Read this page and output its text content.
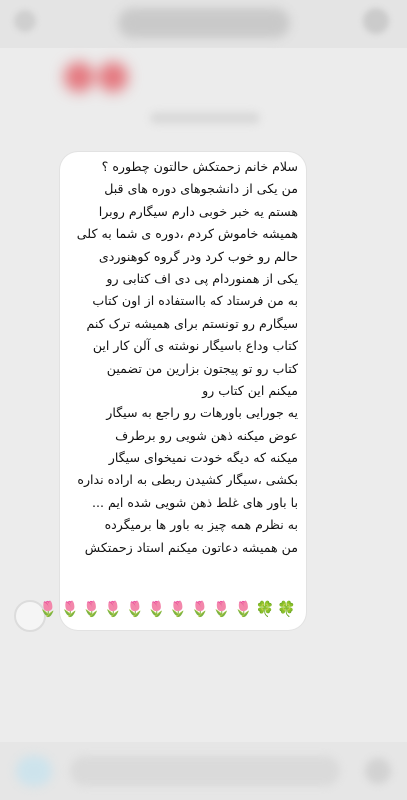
سلام خانم زحمتکش حالتون چطوره ؟
من یکی از دانشجوهای دوره های قبل
هستم یه خبر خوبی دارم سیگارم روبرا
همیشه خاموش کردم ،دوره ی شما به کلی
حالم رو خوب کرد ودر گروه کوهنوردی
یکی از همنوردام پی دی اف کتابی رو
به من فرستاد که بااستفاده از اون کتاب
سیگارم رو تونستم برای همیشه ترک کنم
کتاب وداع باسیگار نوشته ی آلن کار این
کتاب رو تو پیجتون بزارین من تضمین
میکنم این کتاب رو
یه جورایی باورهات رو راجع به سیگار
عوض میکنه ذهن شویی رو برطرف
میکنه که دیگه خودت نمیخوای سیگار
بکشی ،سیگار کشیدن ربطی به اراده نداره
با باور های غلط ذهن شویی شده ایم ...
به نظرم همه چیز به باور ها برمیگرده
من همیشه دعاتون میکنم استاد زحمتکش
🍀
🍀
🌷
🌷
🌷
🌷
🌷
🌷
🌷
🌷
🌷
🌷
